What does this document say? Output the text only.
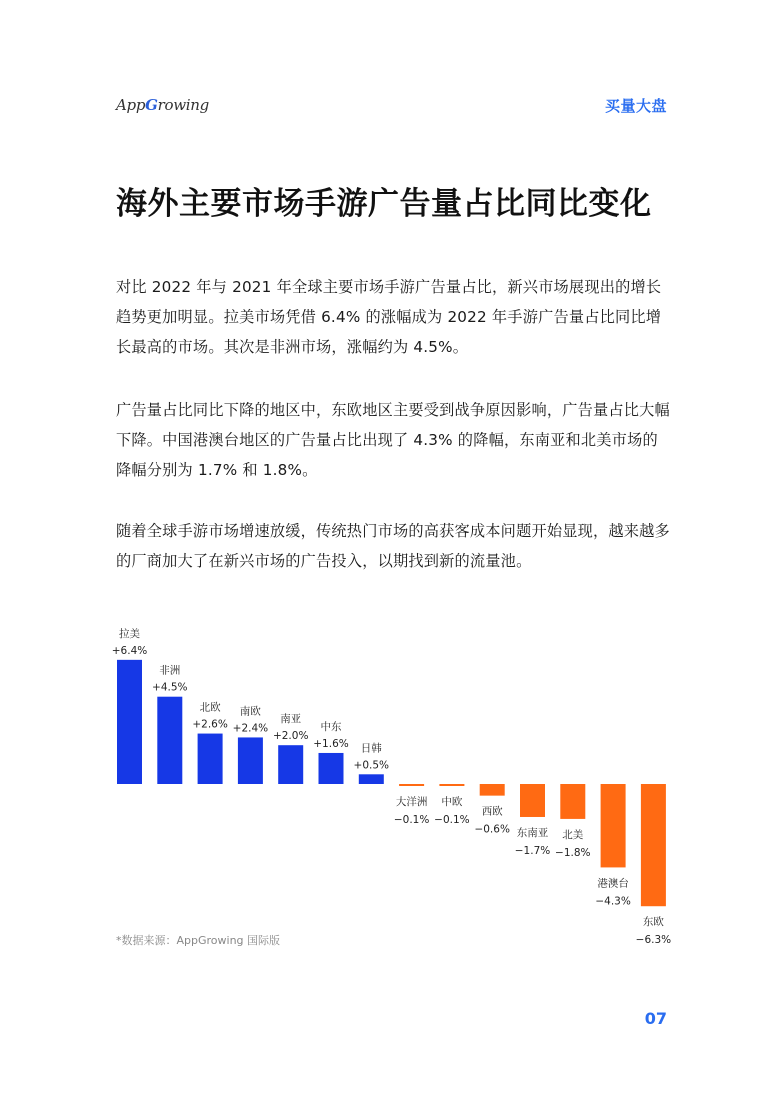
AppGrowing	买量大盘
海外主要市场手游广告量占比同比变化

对比 2022 年与 2021 年全球主要市场手游广告量占比，新兴市场展现出的增长趋势更加明显。拉美市场凭借 6.4% 的涨幅成为 2022 年手游广告量占比同比增长最高的市场。其次是非洲市场，涨幅约为 4.5%。

广告量占比同比下降的地区中，东欧地区主要受到战争原因影响，广告量占比大幅下降。中国港澳台地区的广告量占比出现了 4.3% 的降幅，东南亚和北美市场的降幅分别为 1.7% 和 1.8%。

随着全球手游市场增速放缓，传统热门市场的高获客成本问题开始显现，越来越多的厂商加大了在新兴市场的广告投入，以期找到新的流量池。

拉美
+6.4%
非洲
+4.5%
北欧
+2.6%
南欧
+2.4%
南亚
+2.0%
中东
+1.6% 日韩
+0.5%
大洋洲
−0.1%
中欧
−0.1%
西欧
−0.6% 东南亚
−1.7%
北美
−1.8%
港澳台
−4.3%
东欧
−6.3%
*数据来源：AppGrowing 国际版
07
